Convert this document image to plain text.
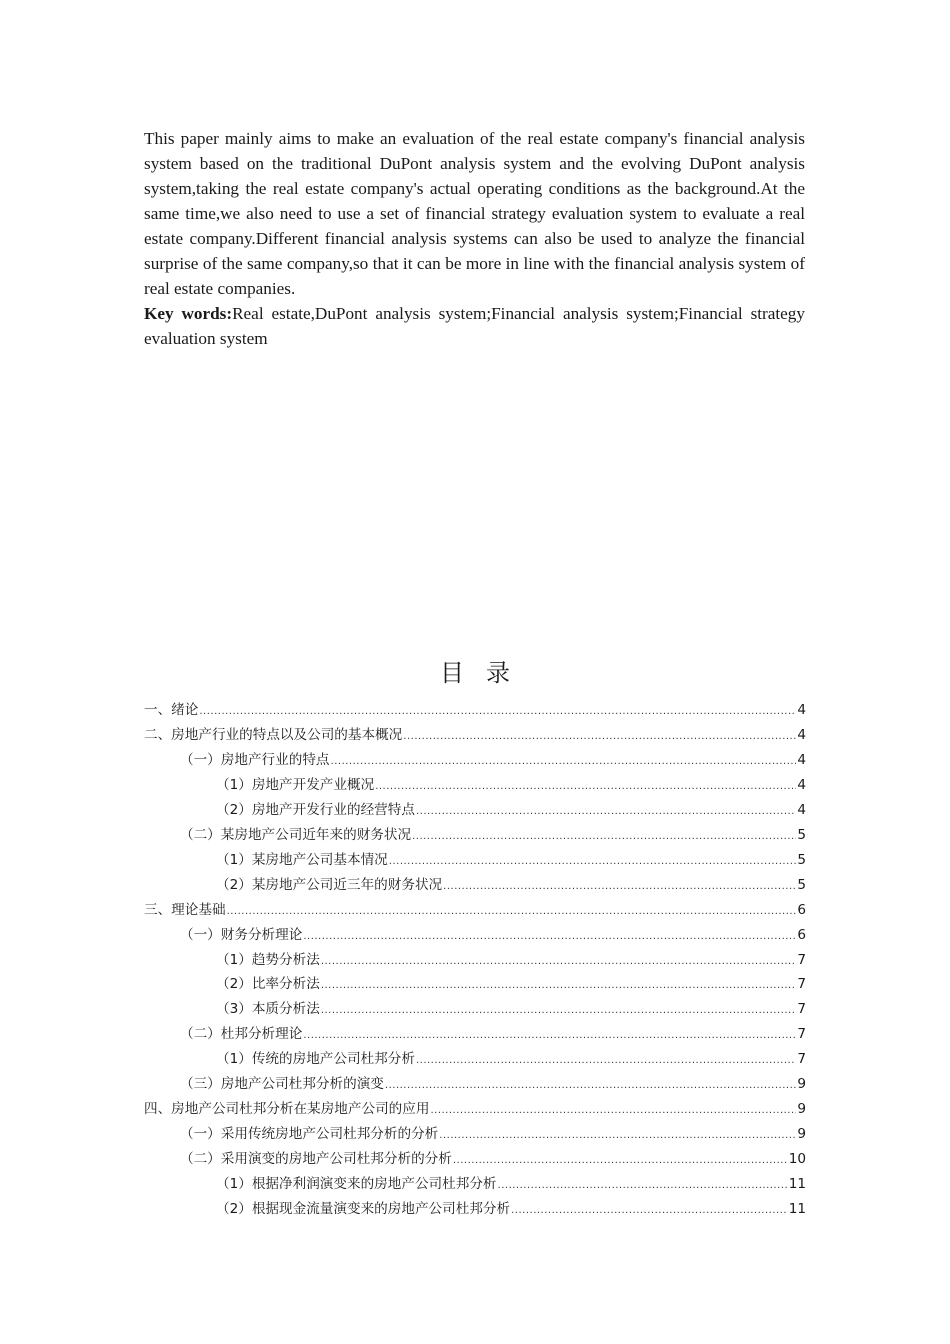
This paper mainly aims to make an evaluation of the real estate company's financial analysis system based on the traditional DuPont analysis system and the evolving DuPont analysis system,taking the real estate company's actual operating conditions as the background.At the same time,we also need to use a set of financial strategy evaluation system to evaluate a real estate company.Different financial analysis systems can also be used to analyze the financial surprise of the same company,so that it can be more in line with the financial analysis system of real estate companies.

Key words:Real estate,DuPont analysis system;Financial analysis system;Financial strategy evaluation system

目录
一、绪论 .....	4
二、房地产行业的特点以及公司的基本概况 .....	4
（一）房地产行业的特点 .....	4
（1）房地产开发产业概况 .....	4
（2）房地产开发行业的经营特点 .....	4
（二）某房地产公司近年来的财务状况 .....	5
（1）某房地产公司基本情况 .....	5
（2）某房地产公司近三年的财务状况 .....	5
三、理论基础 .....	6
（一）财务分析理论 .....	6
（1）趋势分析法 .....	7
（2）比率分析法 .....	7
（3）本质分析法 .....	7
（二）杜邦分析理论 .....	7
（1）传统的房地产公司杜邦分析 .....	7
（三）房地产公司杜邦分析的演变 .....	9
四、房地产公司杜邦分析在某房地产公司的应用 .....	9
（一）采用传统房地产公司杜邦分析的分析 .....	9
（二）采用演变的房地产公司杜邦分析的分析 .....	10
（1）根据净利润演变来的房地产公司杜邦分析 .....	11
（2）根据现金流量演变来的房地产公司杜邦分析 .....	11
